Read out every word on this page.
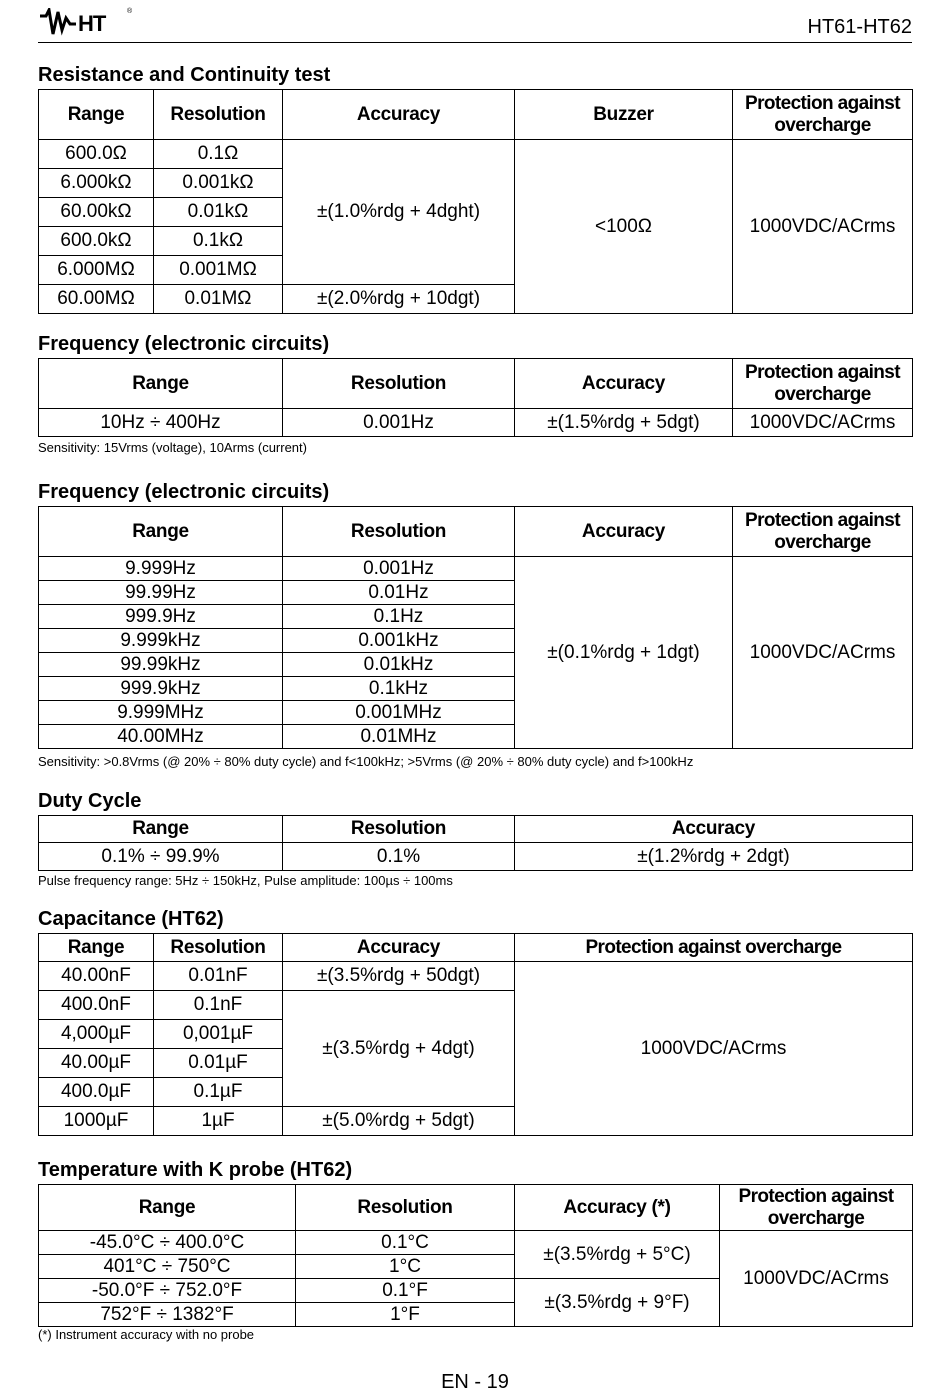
HT	®
HT61-HT62
Resistance and Continuity test
Range	Resolution	Accuracy	Buzzer	Protection against overcharge
600.0Ω	0.1Ω	±(1.0%rdg + 4dght)	<100Ω	1000VDC/ACrms
6.000kΩ	0.001kΩ			
60.00kΩ	0.01kΩ			
600.0kΩ	0.1kΩ			
6.000MΩ	0.001MΩ			
60.00MΩ	0.01MΩ	±(2.0%rdg + 10dgt)		
Frequency (electronic circuits)
Range	Resolution	Accuracy	Protection against overcharge
10Hz ÷ 400Hz	0.001Hz	±(1.5%rdg + 5dgt)	1000VDC/ACrms
Sensitivity: 15Vrms (voltage), 10Arms (current)
Frequency (electronic circuits)
Range	Resolution	Accuracy	Protection against overcharge
9.999Hz	0.001Hz	±(0.1%rdg + 1dgt)	1000VDC/ACrms
99.99Hz	0.01Hz		
999.9Hz	0.1Hz		
9.999kHz	0.001kHz		
99.99kHz	0.01kHz		
999.9kHz	0.1kHz		
9.999MHz	0.001MHz		
40.00MHz	0.01MHz		
Sensitivity: >0.8Vrms (@ 20% ÷ 80% duty cycle) and f<100kHz; >5Vrms (@ 20% ÷ 80% duty cycle) and f>100kHz
Duty Cycle
Range	Resolution	Accuracy
0.1% ÷ 99.9%	0.1%	±(1.2%rdg + 2dgt)
Pulse frequency range: 5Hz ÷ 150kHz, Pulse amplitude: 100µs ÷ 100ms
Capacitance (HT62)
Range	Resolution	Accuracy	Protection against overcharge
40.00nF	0.01nF	±(3.5%rdg + 50dgt)	1000VDC/ACrms
400.0nF	0.1nF	±(3.5%rdg + 4dgt)	
4,000µF	0,001µF		
40.00µF	0.01µF		
400.0µF	0.1µF		
1000µF	1µF	±(5.0%rdg + 5dgt)	
Temperature with K probe (HT62)
Range	Resolution	Accuracy (*)	Protection against overcharge
-45.0°C ÷ 400.0°C	0.1°C	±(3.5%rdg + 5°C)	1000VDC/ACrms
401°C ÷ 750°C	1°C		
-50.0°F ÷ 752.0°F	0.1°F	±(3.5%rdg + 9°F)	
752°F ÷ 1382°F	1°F		
(*) Instrument accuracy with no probe
EN - 19
